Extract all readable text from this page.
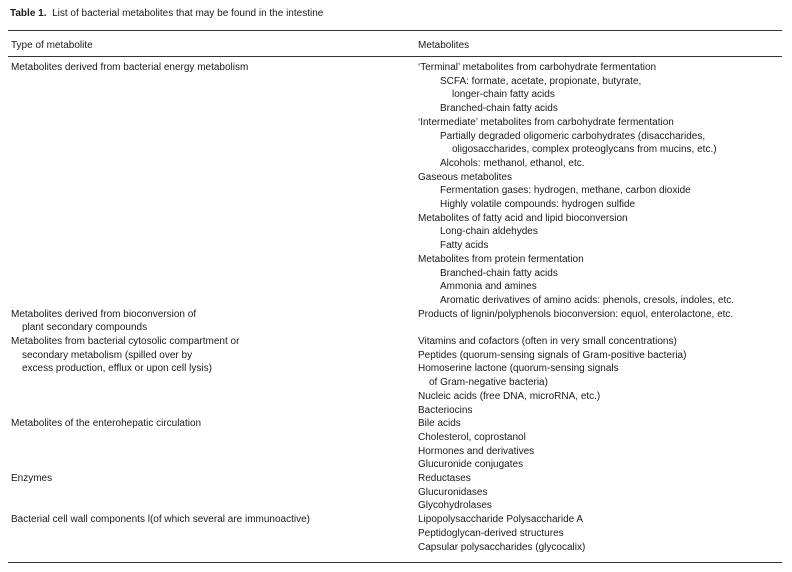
Table 1. List of bacterial metabolites that may be found in the intestine
Type of metabolite	Metabolites
Metabolites derived from bacterial energy metabolism
Metabolites derived from bioconversion of
plant secondary compounds
Metabolites from bacterial cytosolic compartment or
secondary metabolism (spilled over by
excess production, efflux or upon cell lysis)
Metabolites of the enterohepatic circulation
Enzymes
Bacterial cell wall components l(of which several are immunoactive)
‘Terminal’ metabolites from carbohydrate fermentation
SCFA: formate, acetate, propionate, butyrate,
longer-chain fatty acids
Branched-chain fatty acids
‘Intermediate’ metabolites from carbohydrate fermentation
Partially degraded oligomeric carbohydrates (disaccharides,
oligosaccharides, complex proteoglycans from mucins, etc.)
Alcohols: methanol, ethanol, etc.
Gaseous metabolites
Fermentation gases: hydrogen, methane, carbon dioxide
Highly volatile compounds: hydrogen sulfide
Metabolites of fatty acid and lipid bioconversion
Long-chain aldehydes
Fatty acids
Metabolites from protein fermentation
Branched-chain fatty acids
Ammonia and amines
Aromatic derivatives of amino acids: phenols, cresols, indoles, etc.
Products of lignin/polyphenols bioconversion: equol, enterolactone, etc.
Vitamins and cofactors (often in very small concentrations)
Peptides (quorum-sensing signals of Gram-positive bacteria)
Homoserine lactone (quorum-sensing signals
of Gram-negative bacteria)
Nucleic acids (free DNA, microRNA, etc.)
Bacteriocins
Bile acids
Cholesterol, coprostanol
Hormones and derivatives
Glucuronide conjugates
Reductases
Glucuronidases
Glycohydrolases
Lipopolysaccharide Polysaccharide A
Peptidoglycan-derived structures
Capsular polysaccharides (glycocalix)
